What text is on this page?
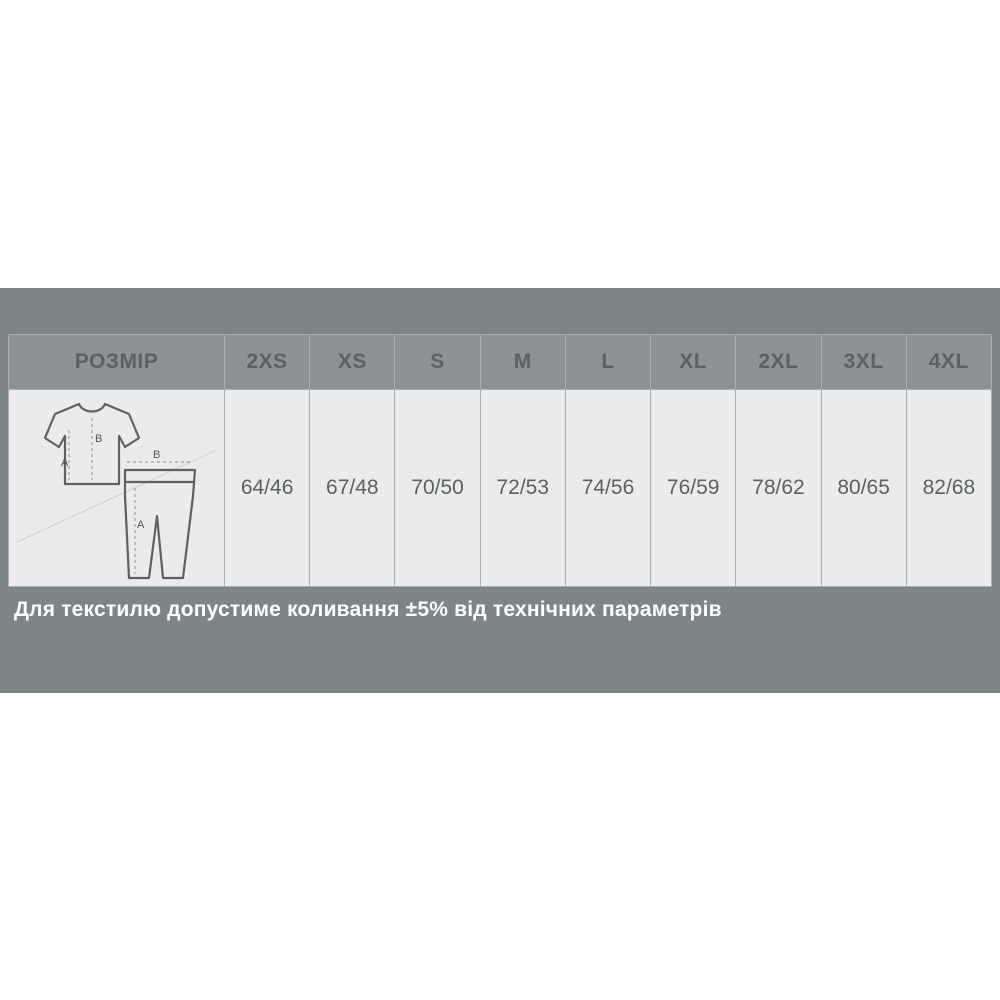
РОЗМІР	2XS	XS	S	M	L	XL	2XL	3XL	4XL

A
B
A
B	64/46	67/48	70/50	72/53	74/56	76/59	78/62	80/65	82/68
Для текстилю допустиме коливання ±5% від технічних параметрів
